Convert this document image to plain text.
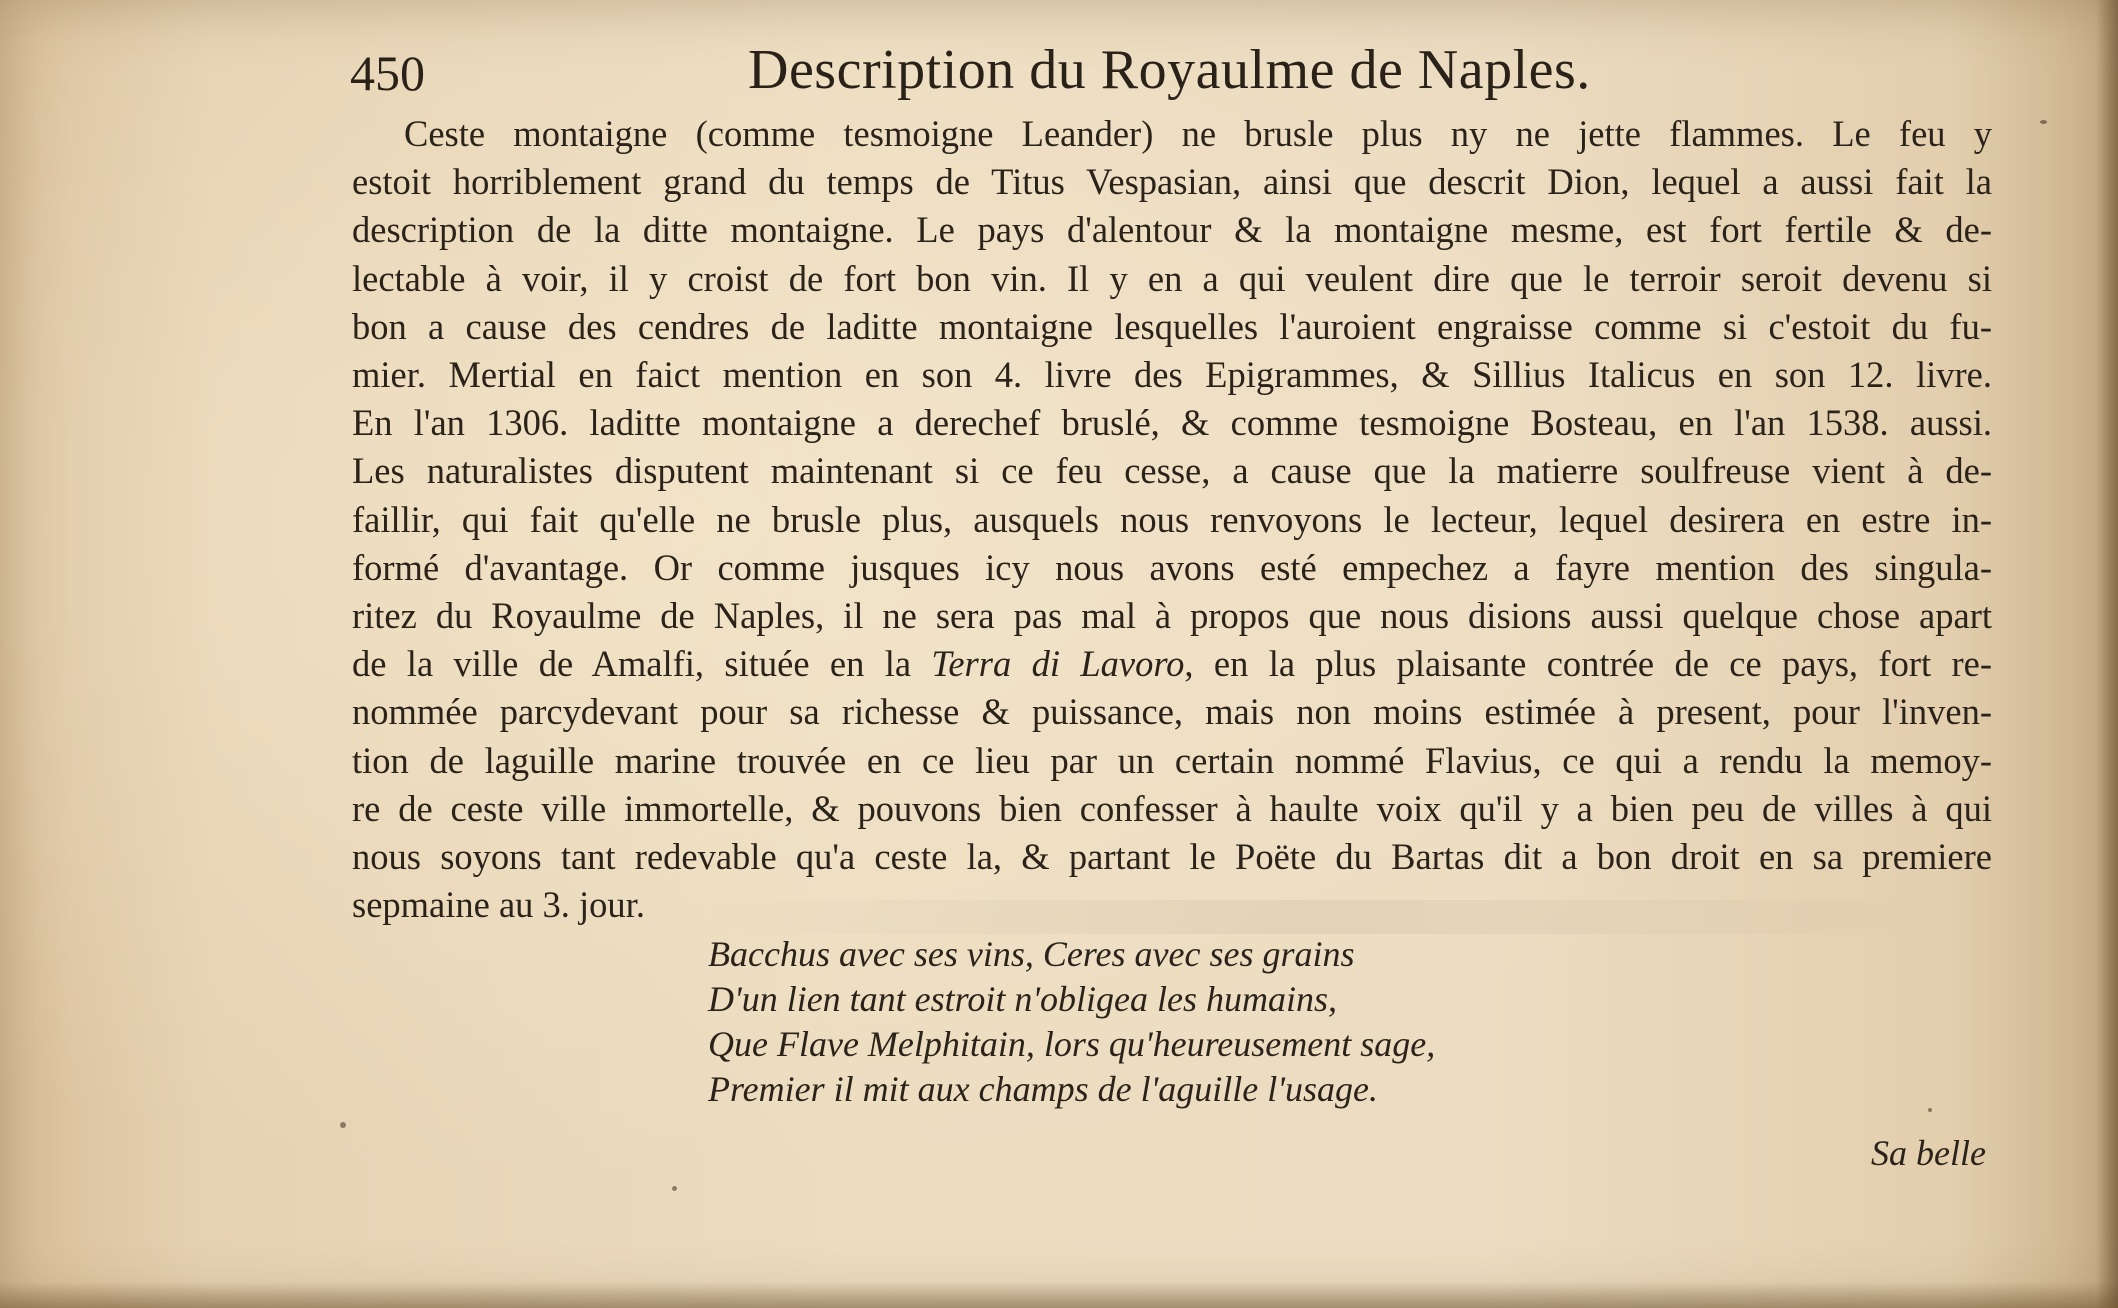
450	Description du Royaulme de Naples.
Ceste montaigne (comme tesmoigne Leander) ne brusle plus ny ne jette flammes. Le feu y
estoit horriblement grand du temps de Titus Vespasian, ainsi que descrit Dion, lequel a aussi fait la
description de la ditte montaigne. Le pays d'alentour & la montaigne mesme, est fort fertile & de-
lectable à voir, il y croist de fort bon vin. Il y en a qui veulent dire que le terroir seroit devenu si
bon a cause des cendres de laditte montaigne lesquelles l'auroient engraisse comme si c'estoit du fu-
mier. Mertial en faict mention en son 4. livre des Epigrammes, & Sillius Italicus en son 12. livre.
En l'an 1306. laditte montaigne a derechef bruslé, & comme tesmoigne Bosteau, en l'an 1538. aussi.
Les naturalistes disputent maintenant si ce feu cesse, a cause que la matierre soulfreuse vient à de-
faillir, qui fait qu'elle ne brusle plus, ausquels nous renvoyons le lecteur, lequel desirera en estre in-
formé d'avantage. Or comme jusques icy nous avons esté empechez a fayre mention des singula-
ritez du Royaulme de Naples, il ne sera pas mal à propos que nous disions aussi quelque chose apart
de la ville de Amalfi, située en la Terra di Lavoro, en la plus plaisante contrée de ce pays, fort re-
nommée parcydevant pour sa richesse & puissance, mais non moins estimée à present, pour l'inven-
tion de laguille marine trouvée en ce lieu par un certain nommé Flavius, ce qui a rendu la memoy-
re de ceste ville immortelle, & pouvons bien confesser à haulte voix qu'il y a bien peu de villes à qui
nous soyons tant redevable qu'a ceste la, & partant le Poëte du Bartas dit a bon droit en sa premiere
sepmaine au 3. jour.
Bacchus avec ses vins, Ceres avec ses grains
D'un lien tant estroit n'obligea les humains,
Que Flave Melphitain, lors qu'heureusement sage,
Premier il mit aux champs de l'aguille l'usage.
Sa belle
